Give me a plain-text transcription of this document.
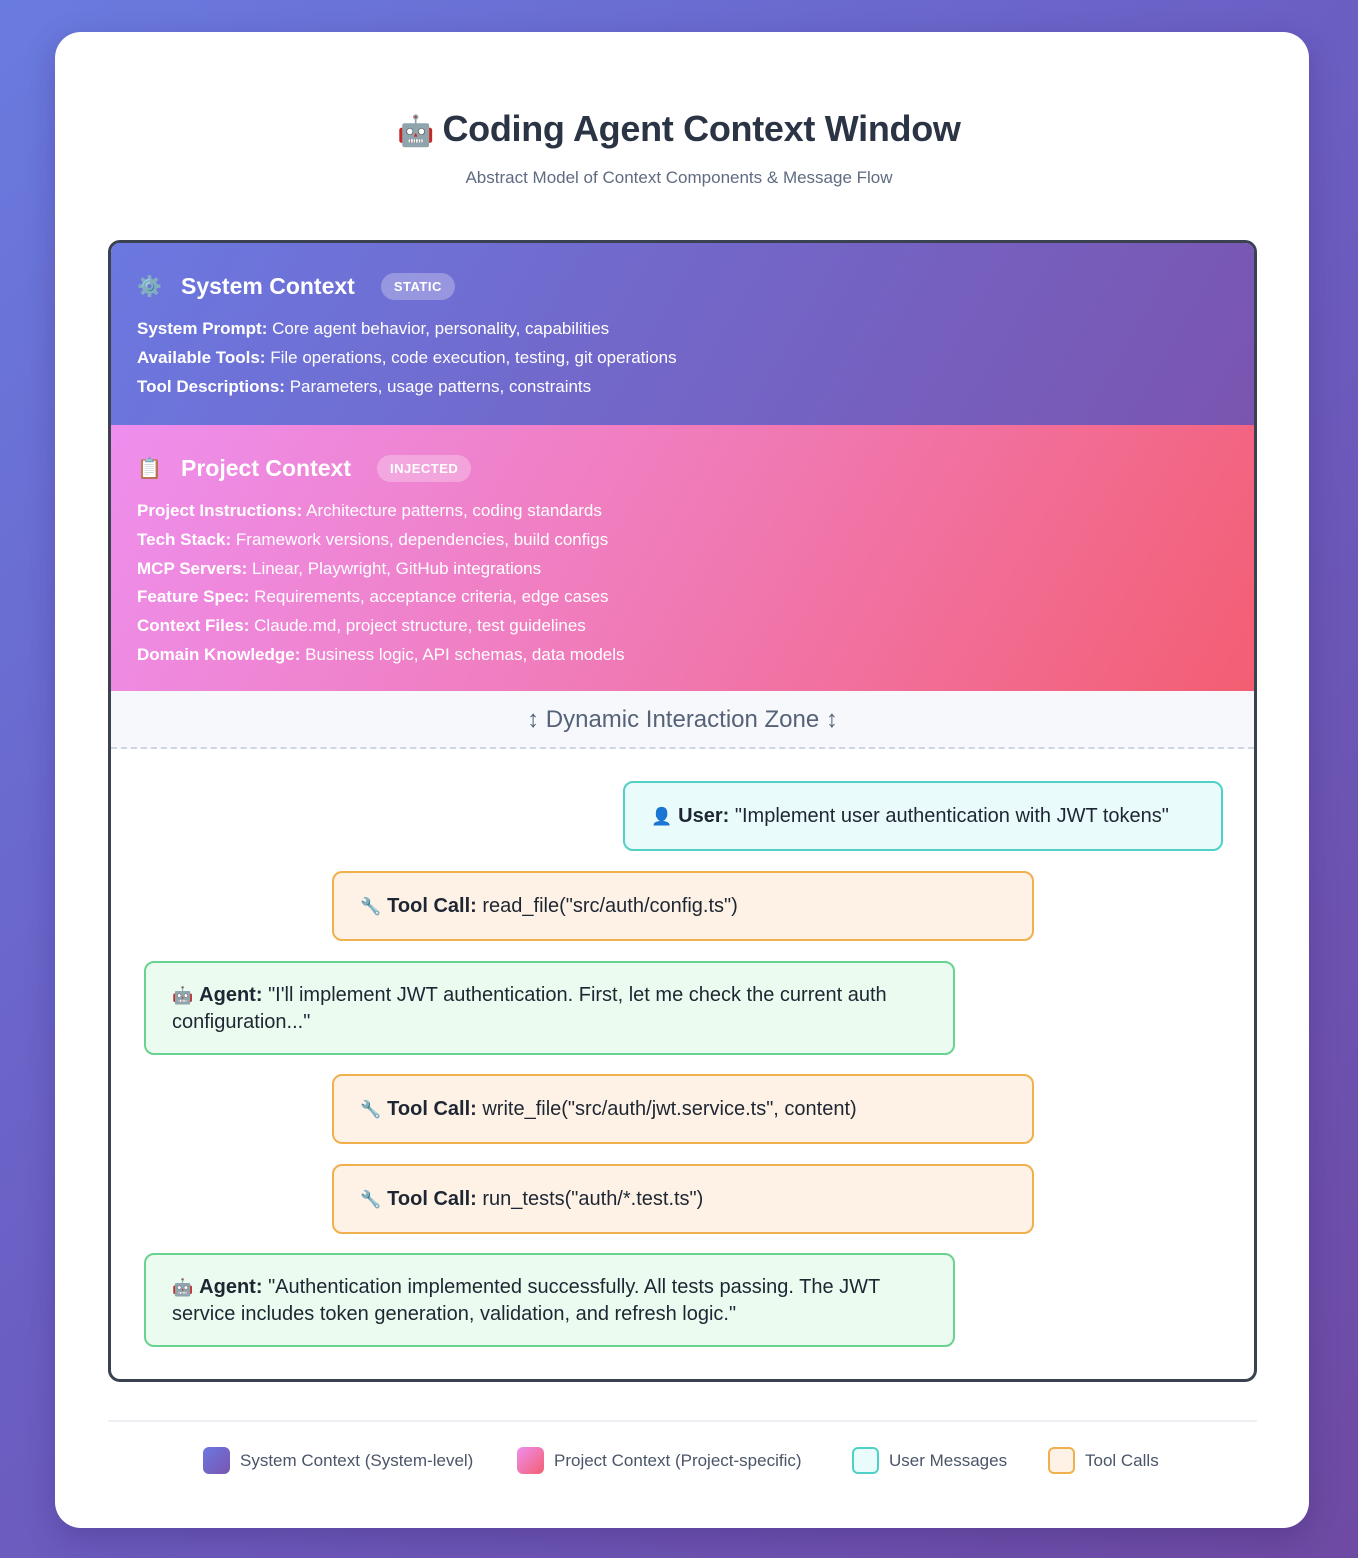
🤖 Coding Agent Context Window
Abstract Model of Context Components & Message Flow
⚙️ System Context	STATIC
System Prompt: Core agent behavior, personality, capabilities
Available Tools: File operations, code execution, testing, git operations
Tool Descriptions: Parameters, usage patterns, constraints
📋 Project Context	INJECTED
Project Instructions: Architecture patterns, coding standards
Tech Stack: Framework versions, dependencies, build configs
MCP Servers: Linear, Playwright, GitHub integrations
Feature Spec: Requirements, acceptance criteria, edge cases
Context Files: Claude.md, project structure, test guidelines
Domain Knowledge: Business logic, API schemas, data models
↕ Dynamic Interaction Zone ↕
👤 User: "Implement user authentication with JWT tokens"
🔧 Tool Call: read_file("src/auth/config.ts")
🤖 Agent: "I'll implement JWT authentication. First, let me check the current auth configuration..."
🔧 Tool Call: write_file("src/auth/jwt.service.ts", content)
🔧 Tool Call: run_tests("auth/*.test.ts")
🤖 Agent: "Authentication implemented successfully. All tests passing. The JWT service includes token generation, validation, and refresh logic."
System Context (System-level)	Project Context (Project-specific)	User Messages	Tool Calls
